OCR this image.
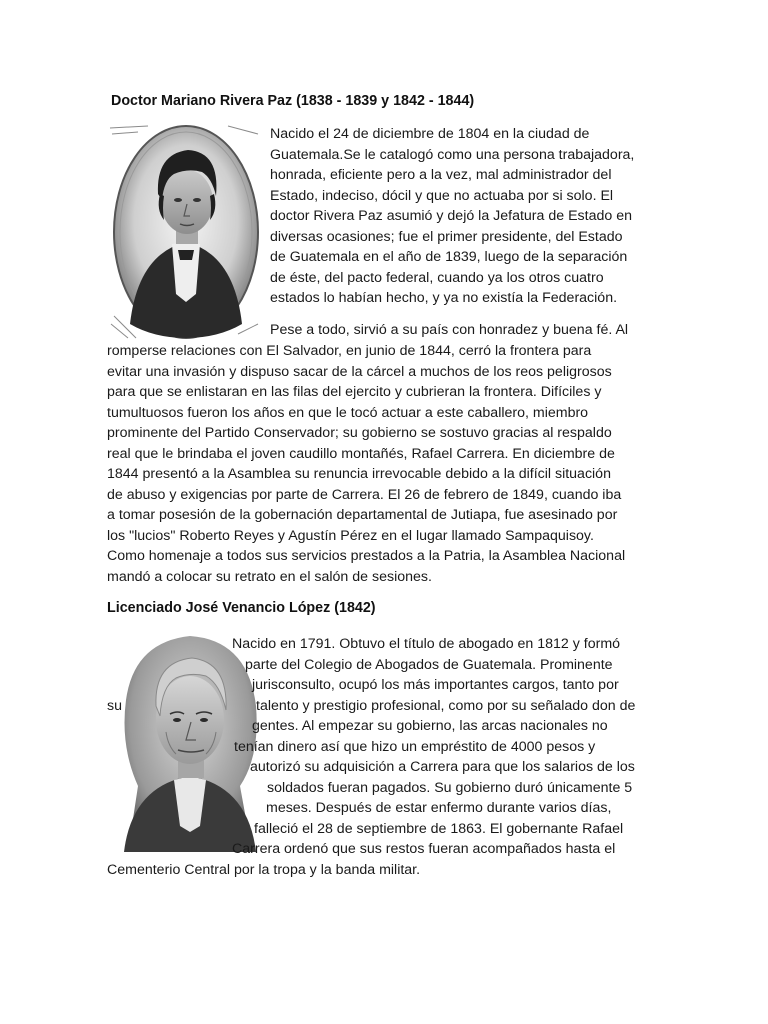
Doctor Mariano Rivera Paz (1838 - 1839 y 1842 - 1844)
Nacido el 24 de diciembre de 1804 en la ciudad de
Guatemala.Se le catalogó como una persona trabajadora,
honrada, eficiente pero a la vez, mal administrador del
Estado, indeciso, dócil y que no actuaba por si solo. El
doctor Rivera Paz asumió y dejó la Jefatura de Estado en
diversas ocasiones; fue el primer presidente, del Estado
de Guatemala en el año de 1839, luego de la separación
de éste, del pacto federal, cuando ya los otros cuatro
estados lo habían hecho, y ya no existía la Federación.
Pese a todo, sirvió a su país con honradez y buena fé. Al
romperse relaciones con El Salvador, en junio de 1844, cerró la frontera para
evitar una invasión y dispuso sacar de la cárcel a muchos de los reos peligrosos
para que se enlistaran en las filas del ejercito y cubrieran la frontera. Difíciles y
tumultuosos fueron los años en que le tocó actuar a este caballero, miembro
prominente del Partido Conservador; su gobierno se sostuvo gracias al respaldo
real que le brindaba el joven caudillo montañés, Rafael Carrera. En diciembre de
1844 presentó a la Asamblea su renuncia irrevocable debido a la difícil situación
de abuso y exigencias por parte de Carrera. El 26 de febrero de 1849, cuando iba
a tomar posesión de la gobernación departamental de Jutiapa, fue asesinado por
los "lucios" Roberto Reyes y Agustín Pérez en el lugar llamado Sampaquisoy.
Como homenaje a todos sus servicios prestados a la Patria, la Asamblea Nacional
mandó a colocar su retrato en el salón de sesiones.
Licenciado José Venancio López (1842)
Nacido en 1791. Obtuvo el título de abogado en 1812 y formó
parte del Colegio de Abogados de Guatemala. Prominente
jurisconsulto, ocupó los más importantes cargos, tanto por
su	talento y prestigio profesional, como por su señalado don de
gentes. Al empezar su gobierno, las arcas nacionales no
tenían dinero así que hizo un empréstito de 4000 pesos y
autorizó su adquisición a Carrera para que los salarios de los
soldados fueran pagados. Su gobierno duró únicamente 5
meses. Después de estar enfermo durante varios días,
falleció el 28 de septiembre de 1863. El gobernante Rafael
Carrera ordenó que sus restos fueran acompañados hasta el
Cementerio Central por la tropa y la banda militar.
